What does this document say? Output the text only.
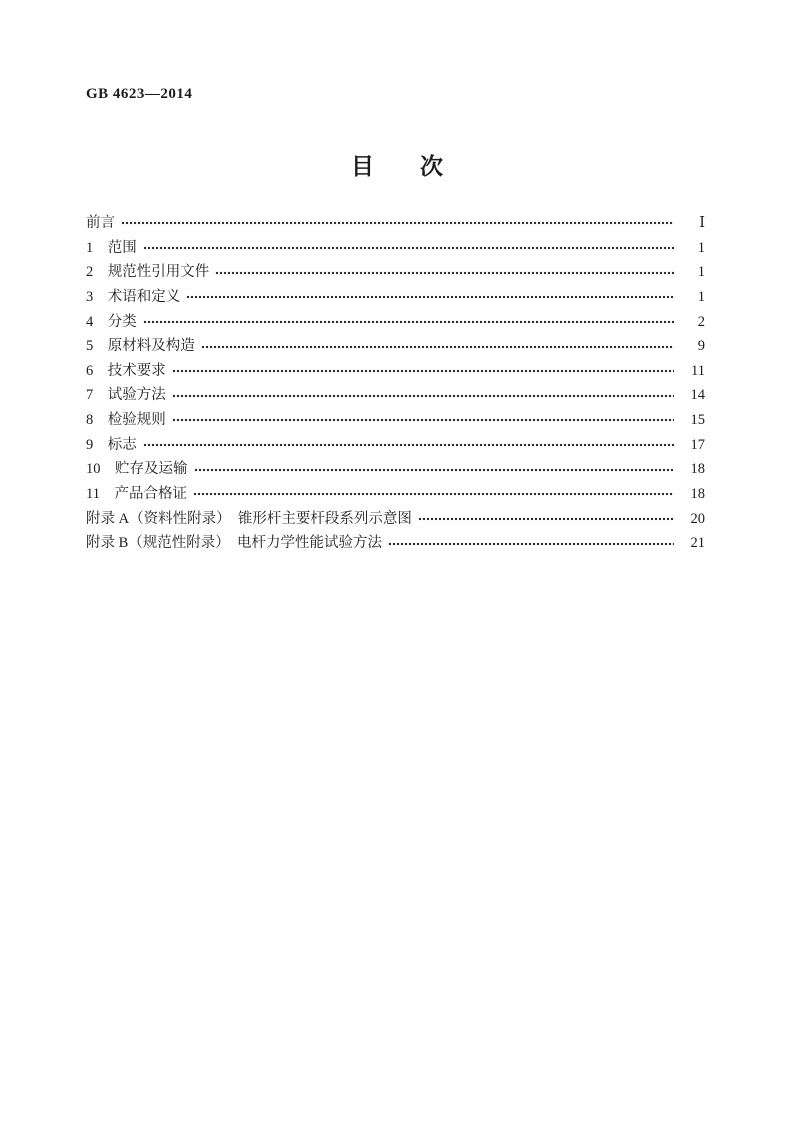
GB 4623—2014
目　　次
前言	Ⅰ
1　范围	1
2　规范性引用文件	1
3　术语和定义	1
4　分类	2
5　原材料及构造	9
6　技术要求	11
7　试验方法	14
8　检验规则	15
9　标志	17
10　贮存及运输	18
11　产品合格证	18
附录 A（资料性附录）　锥形杆主要杆段系列示意图	20
附录 B（规范性附录）　电杆力学性能试验方法	21
